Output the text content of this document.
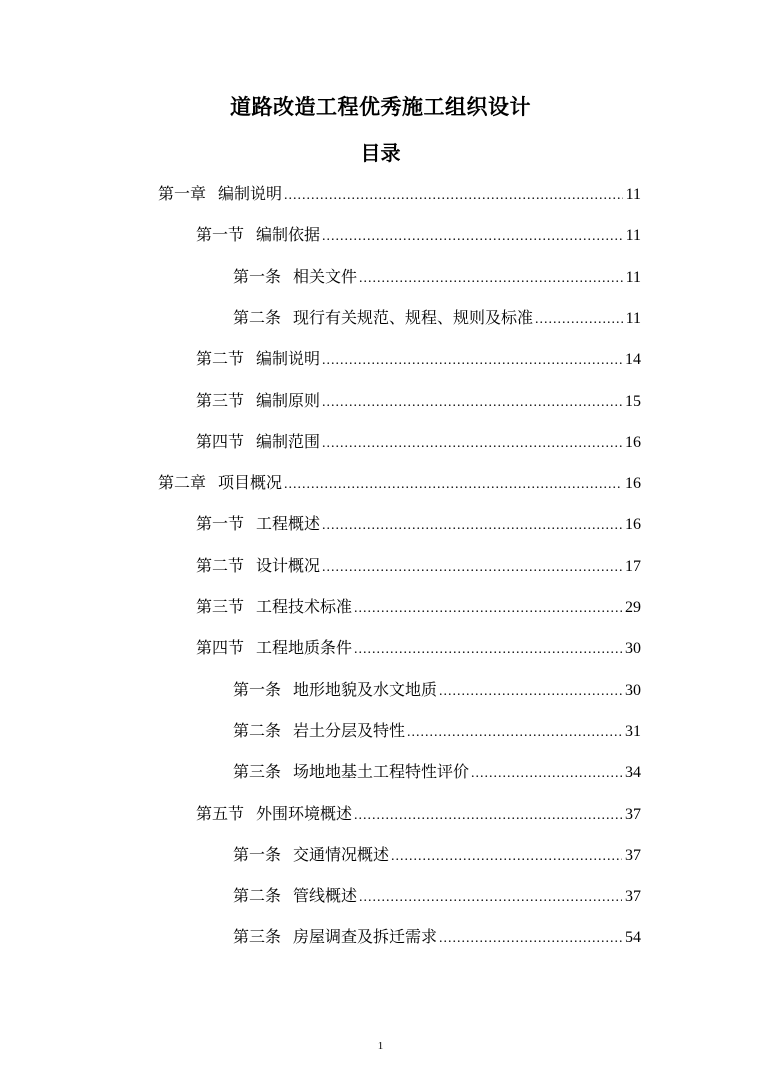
道路改造工程优秀施工组织设计
目录
第一章 编制说明 .....	11
第一节 编制依据 .....	11
第一条 相关文件 .....	11
第二条 现行有关规范、规程、规则及标准 .....	11
第二节 编制说明 .....	14
第三节 编制原则 .....	15
第四节 编制范围 .....	16
第二章 项目概况 .....	16
第一节 工程概述 .....	16
第二节 设计概况 .....	17
第三节 工程技术标准 .....	29
第四节 工程地质条件 .....	30
第一条 地形地貌及水文地质 .....	30
第二条 岩土分层及特性 .....	31
第三条 场地地基土工程特性评价 .....	34
第五节 外围环境概述 .....	37
第一条 交通情况概述 .....	37
第二条 管线概述 .....	37
第三条 房屋调查及拆迁需求 .....	54
1
